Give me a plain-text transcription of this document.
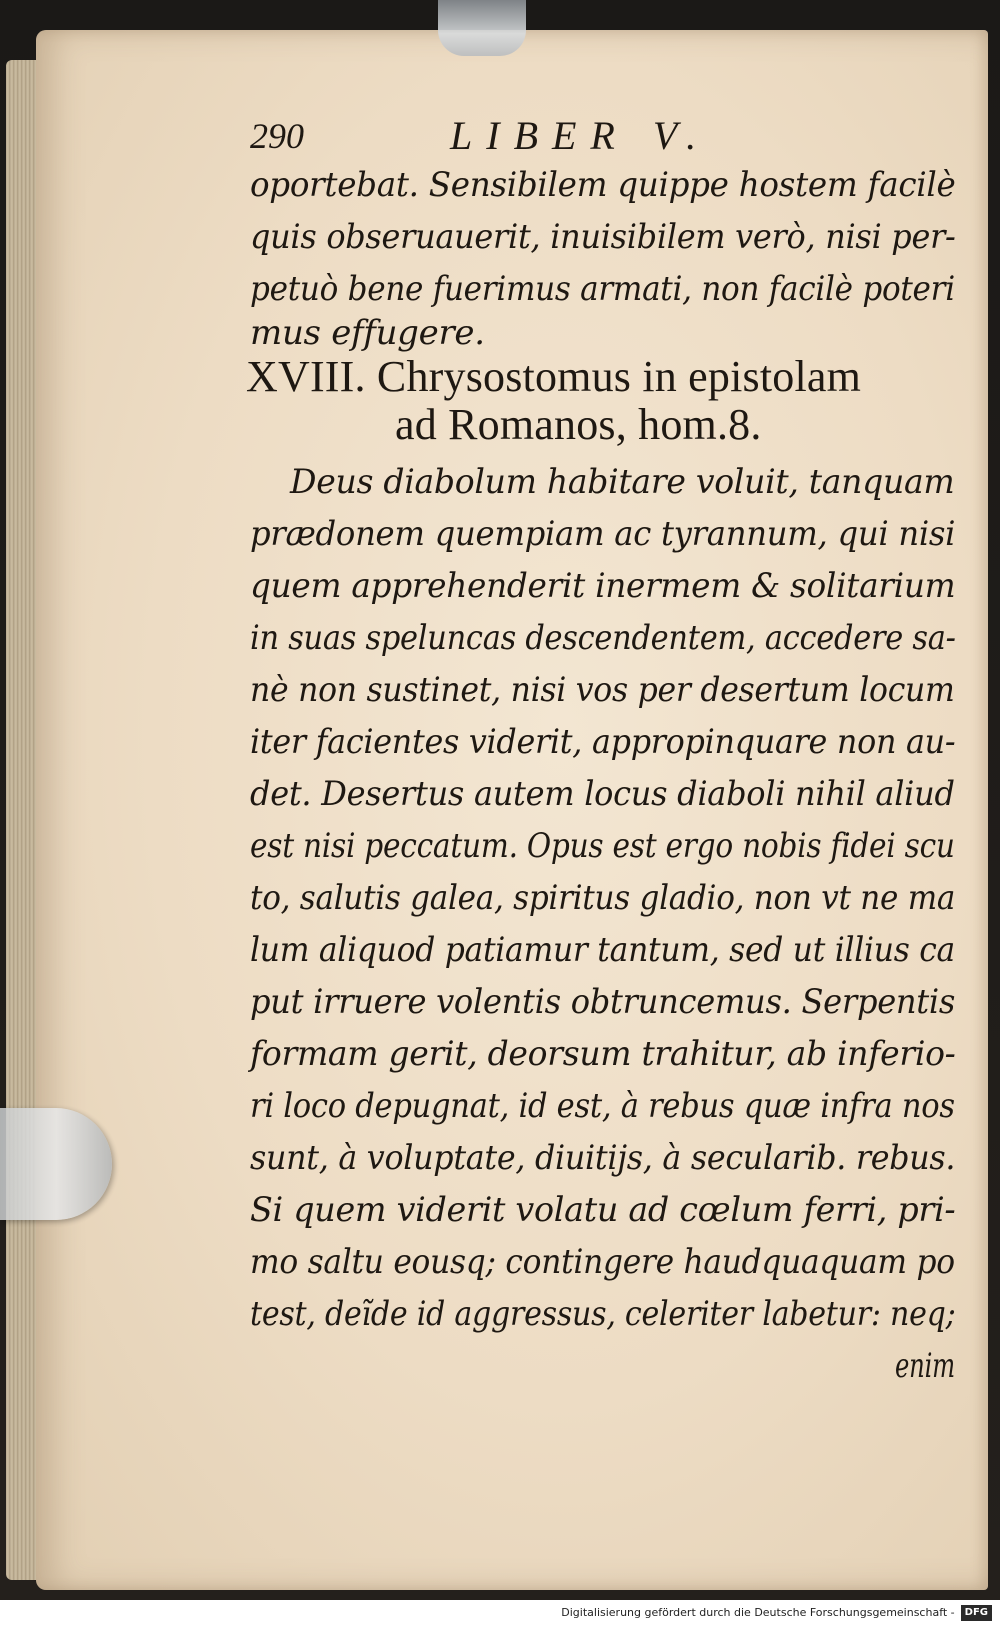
290	LIBER V.
oportebat. Sensibilem quippe hostem facilè
quis obseruauerit, inuisibilem verò, nisi per-
petuò bene fuerimus armati, non facilè poteri
mus effugere.
XVIII. Chrysostomus in epistolam
ad Romanos, hom.8.
Deus diabolum habitare voluit, tanquam
prædonem quempiam ac tyrannum, qui nisi
quem apprehenderit inermem & solitarium
in suas speluncas descendentem, accedere sa-
nè non sustinet, nisi vos per desertum locum
iter facientes viderit, appropinquare non au-
det. Desertus autem locus diaboli nihil aliud
est nisi peccatum. Opus est ergo nobis fidei scu
to, salutis galea, spiritus gladio, non vt ne ma
lum aliquod patiamur tantum, sed ut illius ca
put irruere volentis obtruncemus. Serpentis
formam gerit, deorsum trahitur, ab inferio-
ri loco depugnat, id est, à rebus quæ infra nos
sunt, à voluptate, diuitijs, à secularib. rebus.
Si quem viderit volatu ad cœlum ferri, pri-
mo saltu eousq; contingere haudquaquam po
test, deĩde id aggressus, celeriter labetur: neq;
enim
Digitalisierung gefördert durch die Deutsche Forschungsgemeinschaft - DFG
